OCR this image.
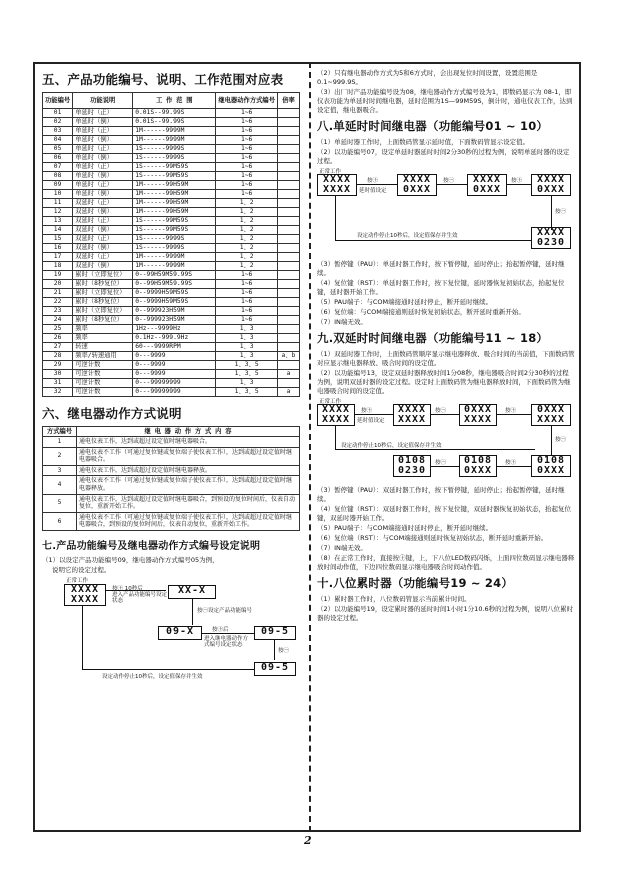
五、产品功能编号、说明、工作范围对应表
功能编号	功能说明	工 作 范 围	继电器动作方式编号	倍率
01	单延时（正）	0.01S--99.99S	1~6	
02	单延时（倒）	0.01S--99.99S	1~6	
03	单延时（正）	1M------9999M	1~6	
04	单延时（倒）	1M------9999M	1~6	
05	单延时（正）	1S------9999S	1~6	
06	单延时（倒）	1S------9999S	1~6	
07	单延时（正）	1S------99M59S	1~6	
08	单延时（倒）	1S------99M59S	1~6	
09	单延时（正）	1M------99H59M	1~6	
10	单延时（倒）	1M------99H59M	1~6	
11	双延时（正）	1M------99H59M	1、2	
12	双延时（倒）	1M------99H59M	1、2	
13	双延时（正）	1S------99M59S	1、2	
14	双延时（倒）	1S------99M59S	1、2	
15	双延时（正）	1S------9999S	1、2	
16	双延时（倒）	1S------9999S	1、2	
17	双延时（正）	1M------9999M	1、2	
18	双延时（倒）	1M------9999M	1、2	
19	累时（立即复位）	0--99H59M59.99S	1~6	
20	累时（8秒复位）	0--99H59M59.99S	1~6	
21	累时（立即复位）	0--9999H59M59S	1~6	
22	累时（8秒复位）	0--9999H59M59S	1~6	
23	累时（立即复位）	0--999923H59M	1~6	
24	累时（8秒复位）	0--999923H59M	1~6	
25	频率	1Hz---9999Hz	1、3	
26	频率	0.1Hz--999.9Hz	1、3	
27	转速	60---9999RPM	1、3	
28	频率/转速通用	0---9999	1、3	a、b
29	可逆计数	0---9999	1、3、5	
30	可逆计数	0---9999	1、3、5	a
31	可逆计数	0---99999999	1、3	
32	可逆计数	0---99999999	1、3、5	a
六、继电器动作方式说明
方式编号	继 电 器 动 作 方 式 内 容
1	通电仪表工作，达到或超过设定值时继电器吸合。
2	通电仪表不工作（可通过复位键或复位端子使仪表工作），达到或超过设定值时继电器吸合。
3	通电仪表工作，达到或超过设定值时继电器释放。
4	通电仪表不工作（可通过复位键或复位端子使仪表工作），达到或超过设定值时继电器释放。
5	通电仪表工作，达到或超过设定值时继电器吸合，到预设的复位时间后，仪表自动复位，重新开始工作。
6	通电仪表不工作（可通过复位键或复位端子使仪表工作），达到或超过设定值时继电器吸合，到预设的复位时间后，仪表自动复位，重新开始工作。
七.产品功能编号及继电器动作方式编号设定说明

（1）以设定产品功能编号09，继电器动作方式编号05为例，

说明它的设定过程。

正常工作
XXXX
XXXX
按㊉ 10秒后
进入产品功能编号设定状态
XX-X
按㊀设定产品功能编号
09-X	按㊉后
进入继电器动作方式编号设定状态
09-5
按㊀
09-5
设定动作停止10秒后，设定值保存并生效

（2）只有继电器动作方式为5和6方式时，会出现复位时间设置，设置范围是0.1~999.9S。

（3）出厂时产品功能编号设为08，继电器动作方式编号设为1，即数码显示为 08-1，即仪表功能为单延时时间继电器，延时范围为1S—99M59S，倒计时，通电仪表工作，达到设定值，继电器吸合。

八.单延时时间继电器（功能编号01 ~ 10）

（1）单延时器工作时，上面数码管显示延时值，下面数码管显示设定值。

（2）以功能编号07，设定单延时器延时时间2分30秒的过程为例，说明单延时器的设定过程。

正常工作
XXXX
XXXX
按㊉
延时值设定
XXXX
0XXX
按㊀	XXXX
0XXX
按㊉	XXXX
0XXX
按㊀
XXXX
0230
设定动作停止10秒后，设定值保存并生效

（3）暂停键（PAU）：单延时器工作时，按下暂停键，延时停止；抬起暂停键，延时继续。

（4）复位键（RST）：单延时器工作时，按下复位键，延时器恢复初始状态，抬起复位键，延时器开始工作。

（5）PAU端子：与COM端接通时延时停止，断开延时继续。

（6）复位端：与COM端接通则延时恢复初始状态，断开延时重新开始。

（7）IN端无效。

九.双延时时间继电器（功能编号11 ~ 18）

（1）双延时器工作时，上面数码管顺序显示继电器释放、吸合时间的当前值，下面数码管对应显示继电器释放、吸合时间的设定值。

（2）以功能编号13，设定双延时器释放时间1分08秒，继电器吸合时间2分30秒的过程为例，说明双延时器的设定过程。设定时上面数码管为继电器释放时间，下面数码管为继电器吸合时间的设定值。

正常工作
XXXX
XXXX
XXXX
XXXX
0XXX
XXXX
0XXX
XXXX
按㊉
延时值设定
按㊀	按㊉
0108
0XXX
0108
0XXX
0108
0230
按㊀
按㊉
按㊀
设定动作停止10秒后，设定值保存并生效

（3）暂停键（PAU）：双延时器工作时，按下暂停键，延时停止；抬起暂停键，延时继续。

（4）复位键（RST）：双延时器工作时，按下复位键，双延时器恢复初始状态，抬起复位键，双延时器开始工作。

（5）PAU端子：与COM端接通时延时停止，断开延时继续。

（6）复位端（RST）：与COM端接通则延时恢复初始状态，断开延时重新开始。

（7）IN端无效。

（8）在正常工作时，直接按㊉键，上，下八位LED数码闪烁，上面四位数码显示继电器释放时间动作值，下边四位数码显示继电器吸合时间动作值。

十.八位累时器（功能编号19 ~ 24）

（1）累时器工作时，八位数码管显示当前累计时间。

（2）以功能编号19，设定累时器的延时时间1小时1分10.6秒的过程为例，说明八位累时器的设定过程。

2
